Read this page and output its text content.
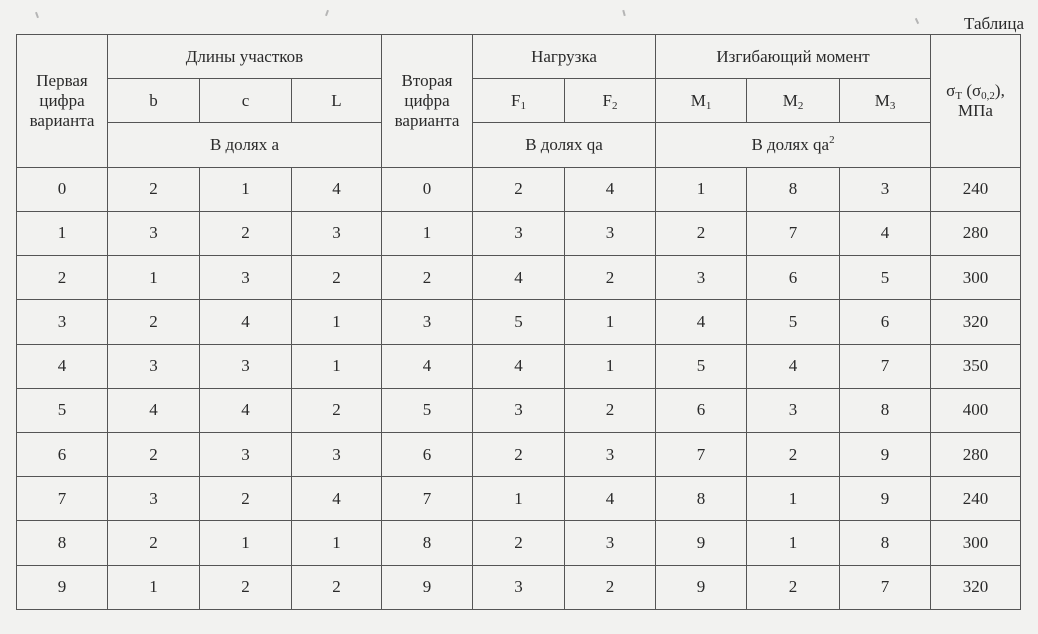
Таблица
Первая цифра варианта	Длины участков			Вторая цифра варианта	Нагрузка		Изгибающий момент			$\sigma_Т$ $(\sigma_{0,2})$,
МПа
	b	c	L		$F_1$	$F_2$	$M_1$	$M_2$	$M_3$
	В долях a				В долях qa		В долях $qa^2$
0	2	1	4	0	2	4	1	8	3	240
1	3	2	3	1	3	3	2	7	4	280
2	1	3	2	2	4	2	3	6	5	300
3	2	4	1	3	5	1	4	5	6	320
4	3	3	1	4	4	1	5	4	7	350
5	4	4	2	5	3	2	6	3	8	400
6	2	3	3	6	2	3	7	2	9	280
7	3	2	4	7	1	4	8	1	9	240
8	2	1	1	8	2	3	9	1	8	300
9	1	2	2	9	3	2	9	2	7	320
